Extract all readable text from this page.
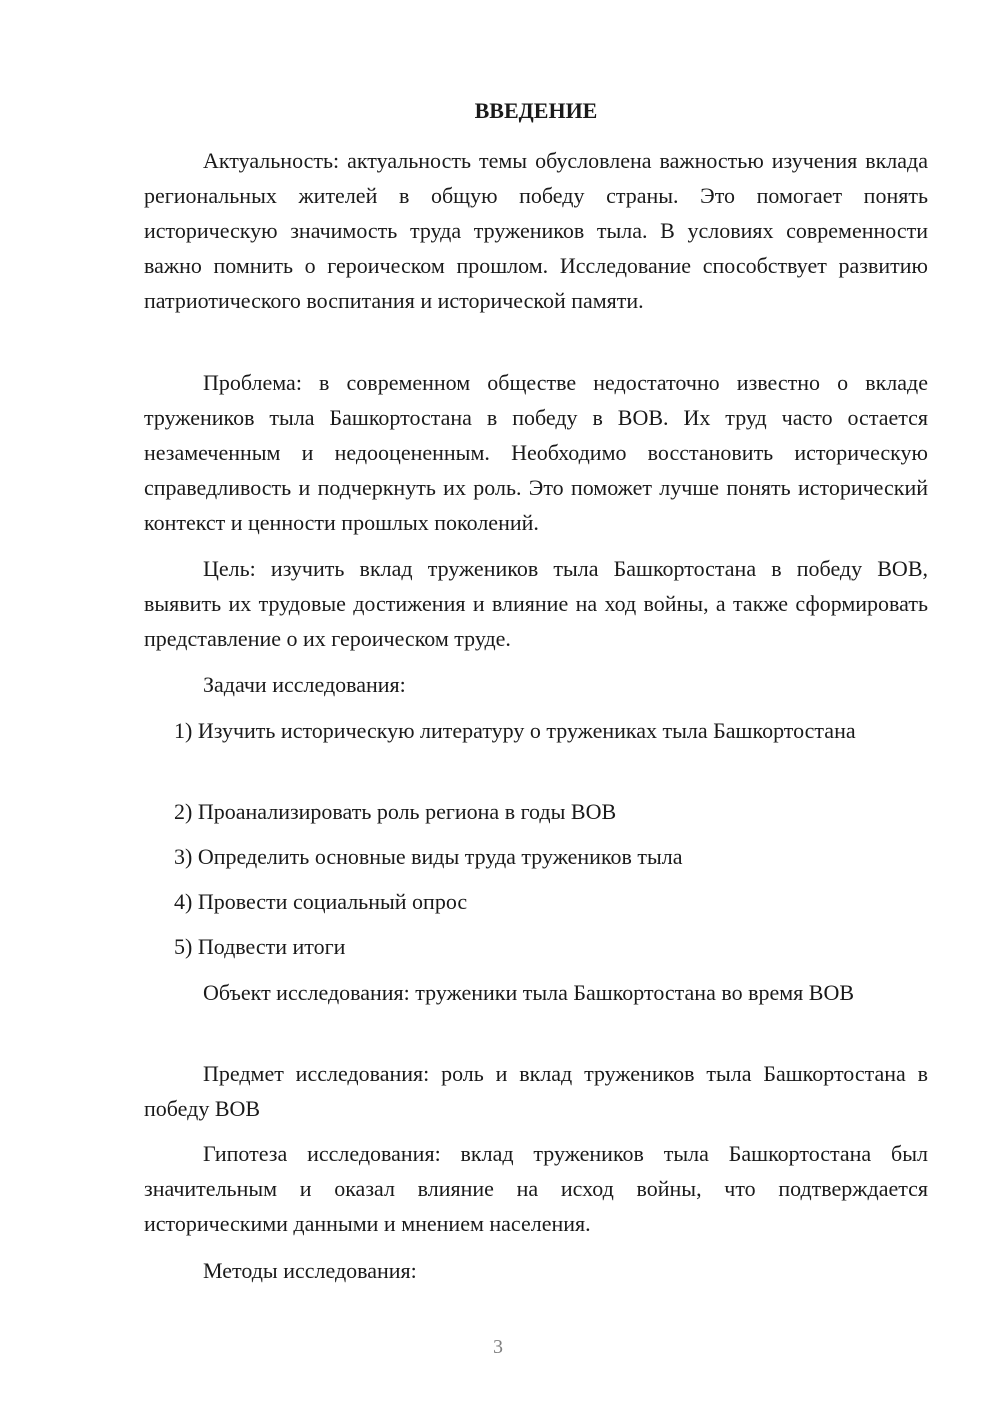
ВВЕДЕНИЕ

Актуальность: актуальность темы обусловлена важностью изучения вклада региональных жителей в общую победу страны. Это помогает понять историческую значимость труда тружеников тыла. В условиях современности важно помнить о героическом прошлом. Исследование способствует развитию патриотического воспитания и исторической памяти.

Проблема: в современном обществе недостаточно известно о вкладе тружеников тыла Башкортостана в победу в ВОВ. Их труд часто остается незамеченным и недооцененным. Необходимо восстановить историческую справедливость и подчеркнуть их роль. Это поможет лучше понять исторический контекст и ценности прошлых поколений.

Цель: изучить вклад тружеников тыла Башкортостана в победу ВОВ, выявить их трудовые достижения и влияние на ход войны, а также сформировать представление о их героическом труде.

Задачи исследования:

1) Изучить историческую литературу о тружениках тыла Башкортостана

2) Проанализировать роль региона в годы ВОВ

3) Определить основные виды труда тружеников тыла

4) Провести социальный опрос

5) Подвести итоги

Объект исследования: труженики тыла Башкортостана во время ВОВ

Предмет исследования: роль и вклад тружеников тыла Башкортостана в победу ВОВ

Гипотеза исследования: вклад тружеников тыла Башкортостана был значительным и оказал влияние на исход войны, что подтверждается историческими данными и мнением населения.

Методы исследования:

3
